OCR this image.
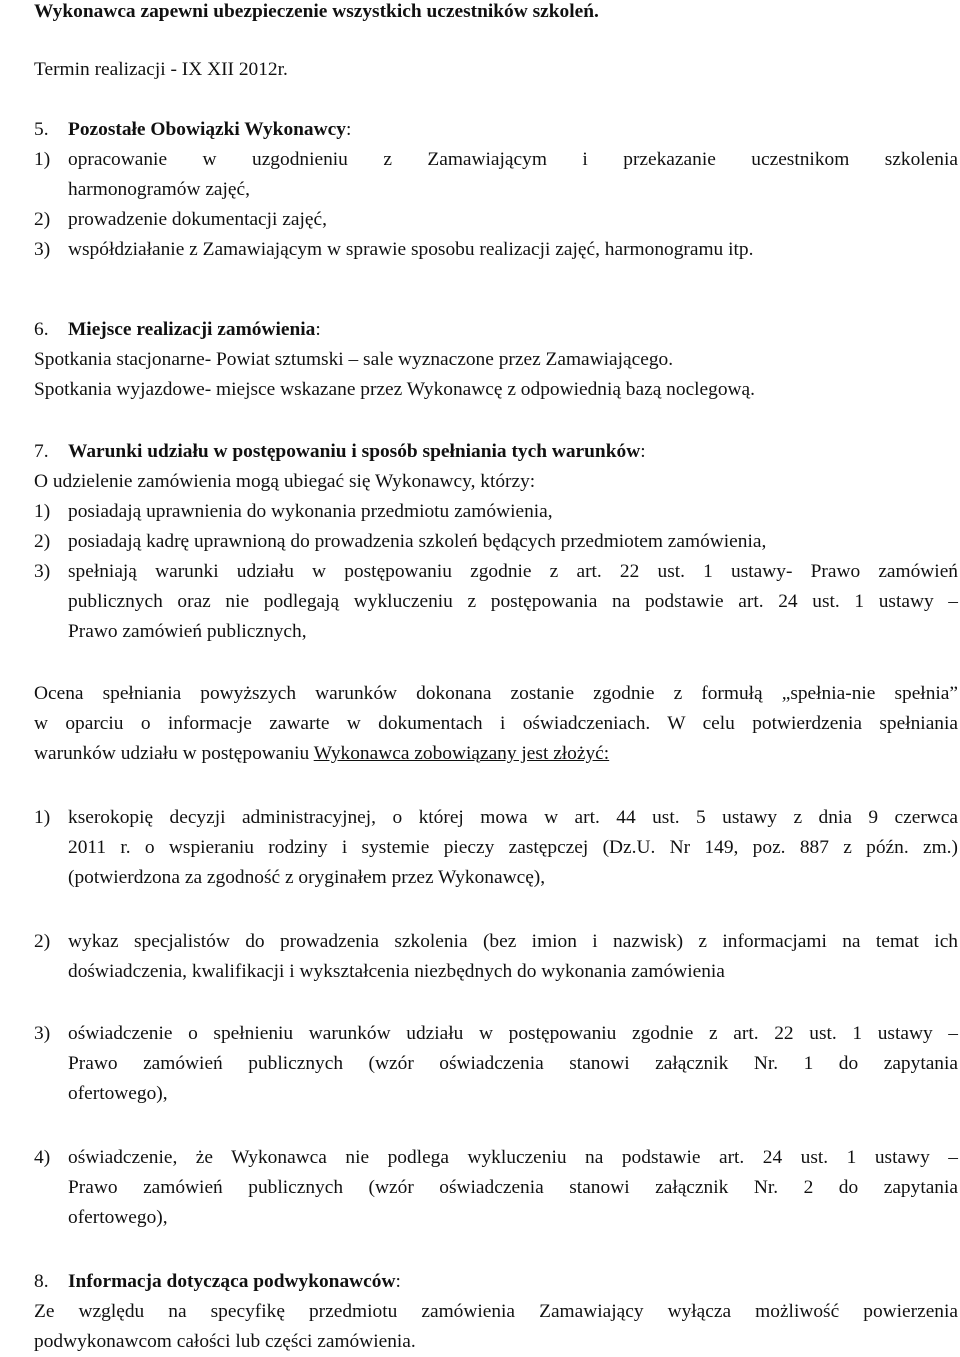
Wykonawca zapewni ubezpieczenie wszystkich uczestników szkoleń.
Termin realizacji - IX XII 2012r.
5.	Pozostałe Obowiązki Wykonawcy:
1) opracowanie w uzgodnieniu z Zamawiającym i przekazanie uczestnikom szkolenia
harmonogramów zajęć,
2) prowadzenie dokumentacji zajęć,
3) współdziałanie z Zamawiającym w sprawie sposobu realizacji zajęć, harmonogramu itp.
6.	Miejsce realizacji zamówienia:
Spotkania stacjonarne- Powiat sztumski – sale wyznaczone przez Zamawiającego.
Spotkania wyjazdowe- miejsce wskazane przez Wykonawcę z odpowiednią bazą noclegową.
7.	Warunki udziału w postępowaniu i sposób spełniania tych warunków:
O udzielenie zamówienia mogą ubiegać się Wykonawcy, którzy:
1) posiadają uprawnienia do wykonania przedmiotu zamówienia,
2) posiadają kadrę uprawnioną do prowadzenia szkoleń będących przedmiotem zamówienia,
3) spełniają warunki udziału w postępowaniu zgodnie z art. 22 ust. 1 ustawy- Prawo zamówień
publicznych oraz nie podlegają wykluczeniu z postępowania na podstawie art. 24 ust. 1 ustawy –
Prawo zamówień publicznych,
Ocena spełniania powyższych warunków dokonana zostanie zgodnie z formułą „spełnia-nie spełnia”
w oparciu o informacje zawarte w dokumentach i oświadczeniach. W celu potwierdzenia spełniania
warunków udziału w postępowaniu Wykonawca zobowiązany jest złożyć:
1) kserokopię decyzji administracyjnej, o której mowa w art. 44 ust. 5 ustawy z dnia 9 czerwca
2011 r. o wspieraniu rodziny i systemie pieczy zastępczej (Dz.U. Nr 149, poz. 887 z późn. zm.)
(potwierdzona za zgodność z oryginałem przez Wykonawcę),
2) wykaz specjalistów do prowadzenia szkolenia (bez imion i nazwisk) z informacjami na temat ich
doświadczenia, kwalifikacji i wykształcenia niezbędnych do wykonania zamówienia
3) oświadczenie o spełnieniu warunków udziału w postępowaniu zgodnie z art. 22 ust. 1 ustawy –
Prawo zamówień publicznych (wzór oświadczenia stanowi załącznik Nr. 1 do zapytania
ofertowego),
4) oświadczenie, że Wykonawca nie podlega wykluczeniu na podstawie art. 24 ust. 1 ustawy –
Prawo zamówień publicznych (wzór oświadczenia stanowi załącznik Nr. 2 do zapytania
ofertowego),
8.	Informacja dotycząca podwykonawców:
Ze względu na specyfikę przedmiotu zamówienia Zamawiający wyłącza możliwość powierzenia
podwykonawcom całości lub części zamówienia.
